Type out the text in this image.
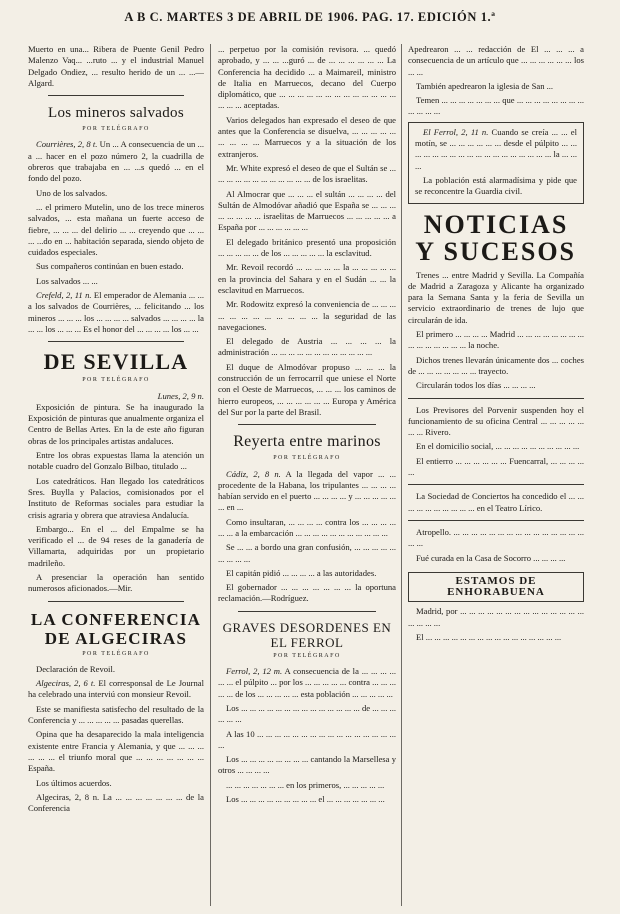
A B C. MARTES 3 DE ABRIL DE 1906. PAG. 17. EDICIÓN 1.ª

Muerto en una... Ribera de Puente Genil Pedro Malenzo Vaq... ...ruto ... y el industrial Manuel Delgado Ondiez, ... resulto herido de un ... ...—Algard.

Los mineros salvados
POR TELÉGRAFO

Courrières, 2, 8 t. Un ... A consecuencia de un ... a ... hacer en el pozo número 2, la cuadrilla de obreros que trabajaba en ... ...s quedó ... en el fondo del pozo.

Uno de los salvados.

... el primero Mutelin, uno de los trece mineros salvados, ... esta mañana un fuerte acceso de fiebre, ... ... ... del delirio ... ... creyendo que ... ... ... ...do en ... habitación separada, siendo objeto de cuidados especiales.

Sus compañeros continúan en buen estado.

Los salvados ... ...

Crefeld, 2, 11 n. El emperador de Alemania ... ... a los salvados de Courrières, ... felicitando ... los mineros ... ... ... los ... ... ... ... salvados ... ... ... ... la ... ... los ... ... ... Es el honor del ... ... ... ... los ... ...

DE SEVILLA
POR TELÉGRAFO
Lunes, 2, 9 n.

Exposición de pintura. Se ha inaugurado la Exposición de pinturas que anualmente organiza el Centro de Bellas Artes. En la de este año figuran obras de los principales artistas andaluces.

Entre los obras expuestas llama la atención un notable cuadro del Gonzalo Bilbao, titulado ...

Los catedráticos. Han llegado los catedráticos Sres. Buylla y Palacios, comisionados por el Instituto de Reformas sociales para estudiar la crisis agraria y obrera que atraviesa Andalucía.

Embargo... En el ... del Empalme se ha verificado el ... de 94 reses de la ganadería de Villamarta, adquiridas por un propietario madrileño.

A presenciar la operación han sentido numerosos aficionados.—Mir.

LA CONFERENCIA DE ALGECIRAS
POR TELÉGRAFO

Declaración de Revoil.

Algeciras, 2, 6 t. El corresponsal de Le Journal ha celebrado una interviú con monsieur Revoil.

Este se manifiesta satisfecho del resultado de la Conferencia y ... ... ... ... ... pasadas querellas.

Opina que ha desaparecido la mala inteligencia existente entre Francia y Alemania, y que ... ... ... ... ... ... el triunfo moral que ... ... ... ... ... ... ... España.

Los últimos acuerdos.

Algeciras, 2, 8 n. La ... ... ... ... ... ... ... de la Conferencia

... perpetuo por la comisión revisora. ... quedó aprobado, y ... ... ...guró ... de ... ... ... ... ... ... La Conferencia ha decidido ... a Maimareil, ministro de Italia en Marruecos, decano del Cuerpo diplomático, que ... ... ... ... ... ... ... ... ... ... ... ... ... ... ... ... aceptadas.

Varios delegados han expresado el deseo de que antes que la Conferencia se disuelva, ... ... ... ... ... ... ... ... ... Marruecos y a la situación de los extranjeros.

Mr. White expresó el deseo de que el Sultán se ... ... ... ... ... ... ... ... ... ... ... ... de los israelitas.

Al Almocrar que ... ... ... el sultán ... ... ... ... del Sultán de Almodóvar añadió que España se ... ... ... ... ... ... ... ... israelitas de Marruecos ... ... ... ... ... a España por ... ... ... ... ... ...

El delegado británico presentó una proposición ... ... ... ... ... de los ... ... ... ... ... la esclavitud.

Mr. Revoil recordó ... ... ... ... ... la ... ... ... ... ... en la provincia del Sahara y en el Sudán ... ... la esclavitud en Marruecos.

Mr. Rodowitz expresó la conveniencia de ... ... ... ... ... ... ... ... ... ... ... ... la seguridad de las navegaciones.

El delegado de Austria ... ... ... ... la administración ... ... ... ... ... ... ... ... ... ... ... ...

El duque de Almodóvar propuso ... ... ... la construcción de un ferrocarril que uniese el Norte con el Oeste de Marruecos, ... ... ... los caminos de hierro europeos, ... ... ... ... ... ... Europa y América del Sur por la parte del Brasil.

Reyerta entre marinos
POR TELÉGRAFO

Cádiz, 2, 8 n. A la llegada del vapor ... ... procedente de la Habana, los tripulantes ... ... ... ... habían servido en el puerto ... ... ... ... y ... ... ... ... ... ... en ...

Como insultaran, ... ... ... ... contra los ... ... ... ... ... ... a la embarcación ... ... ... ... ... ... ... ... ... ... ...

Se ... ... a bordo una gran confusión, ... ... ... ... ... ... ... ... ...

El capitán pidió ... ... ... ... a las autoridades.

El gobernador ... ... ... ... ... ... ... la oportuna reclamación.—Rodríguez.

GRAVES DESORDENES EN EL FERROL
POR TELÉGRAFO

Ferrol, 2, 12 m. A consecuencia de la ... ... ... ... ... ... el púlpito ... por los ... ... ... ... ... contra ... ... ... ... ... de los ... ... ... ... ... esta población ... ... ... ... ...

Los ... ... ... ... ... ... ... ... ... ... ... ... ... ... de ... ... ... ... ... ...

A las 10 ... ... ... ... ... ... ... ... ... ... ... ... ... ... ... ... ...

Los ... ... ... ... ... ... ... ... cantando la Marsellesa y otros ... ... ... ...

... ... ... ... ... ... ... en los primeros, ... ... ... ... ...

Los ... ... ... ... ... ... ... ... ... el ... ... ... ... ... ... ...

Apedrearon ... ... redacción de El ... ... ... a consecuencia de un artículo que ... ... ... ... ... ... los ... ...

También apedrearon la iglesia de San ...

Temen ... ... ... ... ... ... ... que ... ... ... ... ... ... ... ... ... ... ... ...

El Ferrol, 2, 11 n. Cuando se creía ... ... el motín, se ... ... ... ... ... ... desde el púlpito ... ... ... ... ... ... ... ... ... ... ... ... ... ... ... ... ... ... la ... ... ...

La población está alarmadísima y pide que se reconcentre la Guardia civil.

NOTICIAS
Y SUCESOS

Trenes ... entre Madrid y Sevilla. La Compañía de Madrid a Zaragoza y Alicante ha organizado para la Semana Santa y la feria de Sevilla un servicio extraordinario de trenes de lujo que circularán de ida.

El primero ... ... ... ... Madrid ... ... ... ... ... ... ... ... ... ... ... ... ... ... ... la noche.

Dichos trenes llevarán únicamente dos ... coches de ... ... ... ... ... ... ... trayecto.

Circularán todos los días ... ... ... ...

Los Previsores del Porvenir suspenden hoy el funcionamiento de su oficina Central ... ... ... ... ... ... ... Rivero.

En el domicilio social, ... ... ... ... ... ... ... ... ... ...

El entierro ... ... ... ... ... ... Fuencarral, ... ... ... ... ...

La Sociedad de Conciertos ha concedido el ... ... ... ... ... ... ... ... ... ... en el Teatro Lírico.

Atropello. ... ... ... ... ... ... ... ... ... ... ... ... ... ... ... ... ...

Fué curada en la Casa de Socorro ... ... ... ...

ESTAMOS DE ENHORABUENA

Madrid, por ... ... ... ... ... ... ... ... ... ... ... ... ... ... ... ... ... ...

El ... ... ... ... ... ... ... ... ... ... ... ... ... ... ... ...
